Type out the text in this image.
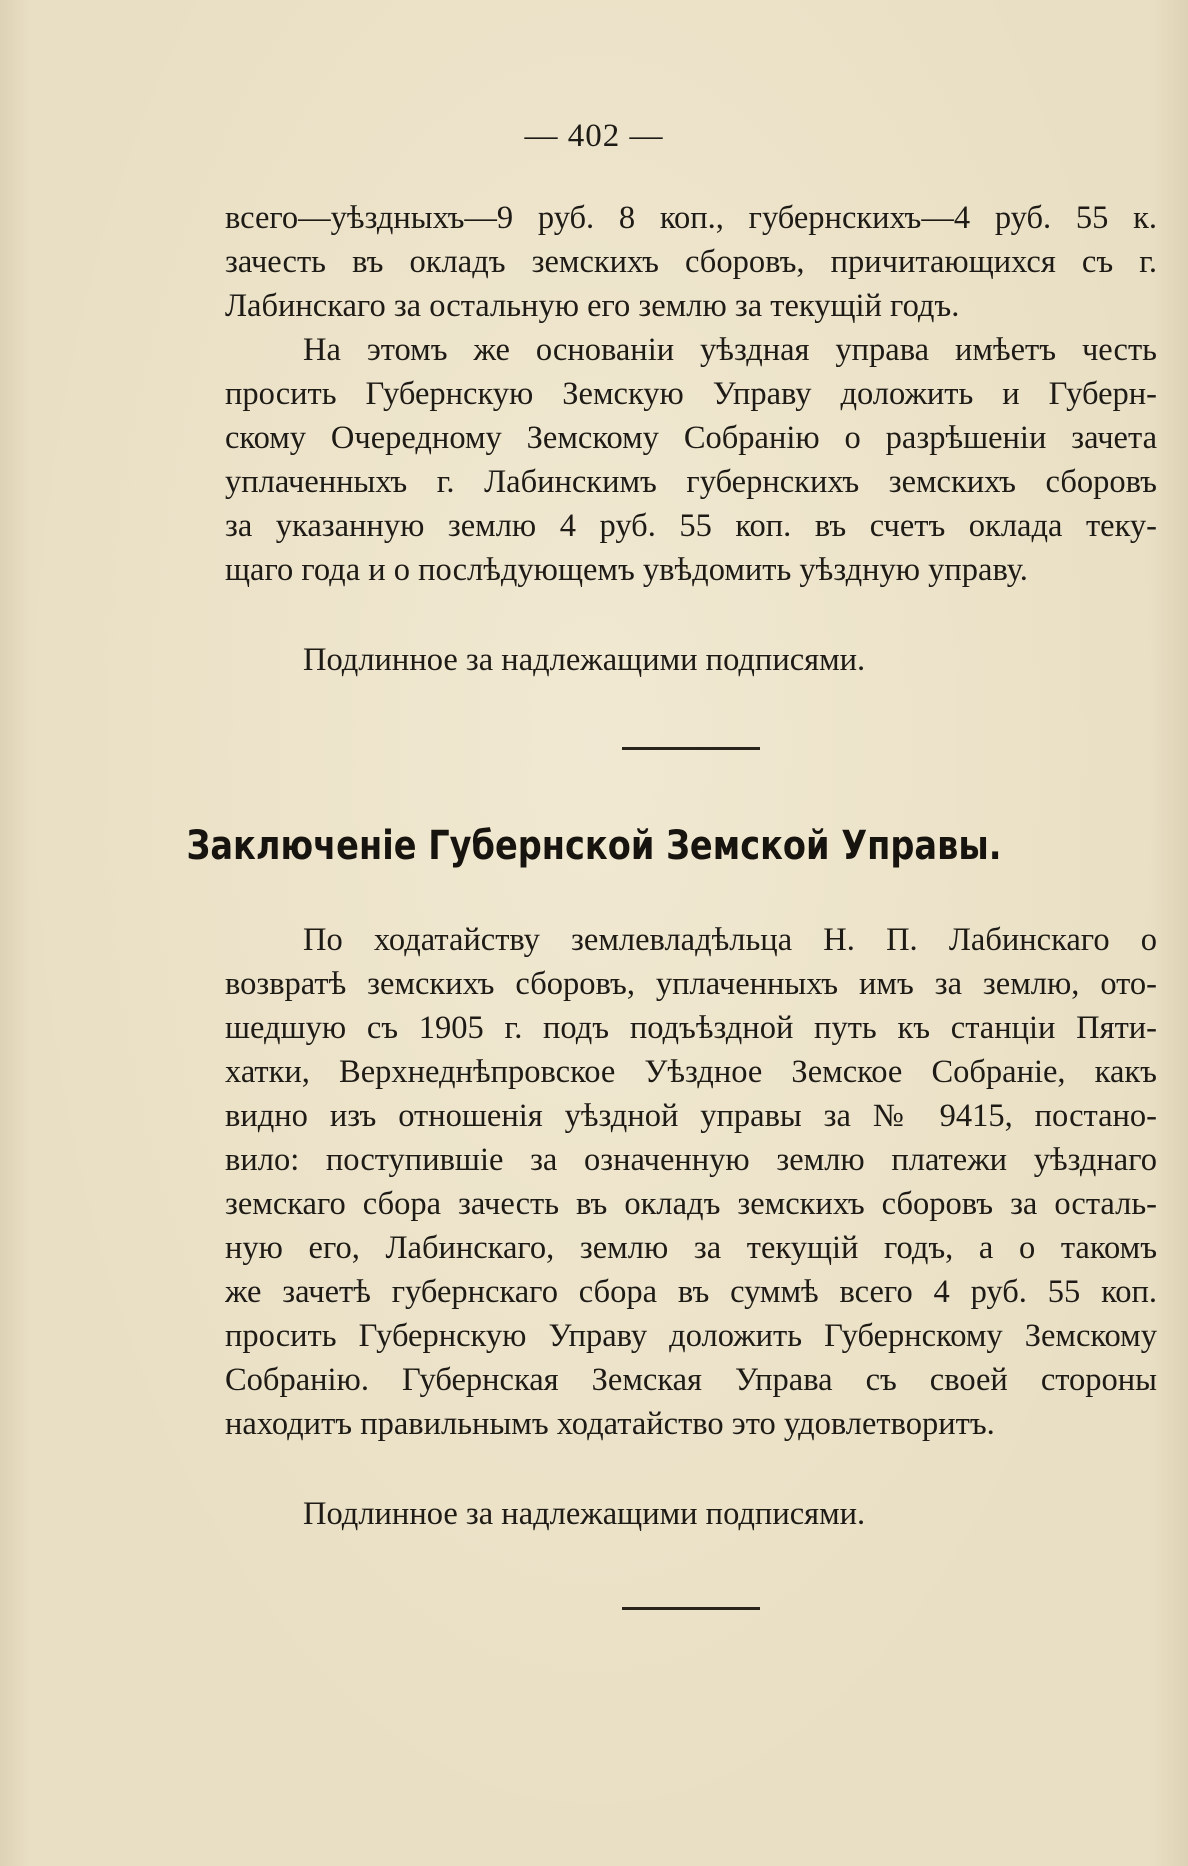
— 402 —
всего—уѣздныхъ—9 руб. 8 коп., губернскихъ—4 руб. 55 к.
зачесть въ окладъ земскихъ сборовъ, причитающихся съ г.
Лабинскаго за остальную его землю за текущій годъ.
На этомъ же основаніи уѣздная управа имѣетъ честь
просить Губернскую Земскую Управу доложить и Губерн-
скому Очередному Земскому Собранію о разрѣшеніи зачета
уплаченныхъ г. Лабинскимъ губернскихъ земскихъ сборовъ
за указанную землю 4 руб. 55 коп. въ счетъ оклада теку-
щаго года и о послѣдующемъ увѣдомить уѣздную управу.
Подлинное за надлежащими подписями.
Заключеніе Губернской Земской Управы.
По ходатайству землевладѣльца Н. П. Лабинскаго о
возвратѣ земскихъ сборовъ, уплаченныхъ имъ за землю, ото-
шедшую съ 1905 г. подъ подъѣздной путь къ станціи Пяти-
хатки, Верхнеднѣпровское Уѣздное Земское Собраніе, какъ
видно изъ отношенія уѣздной управы за № 9415, постано-
вило: поступившіе за означенную землю платежи уѣзднаго
земскаго сбора зачесть въ окладъ земскихъ сборовъ за осталь-
ную его, Лабинскаго, землю за текущій годъ, а о такомъ
же зачетѣ губернскаго сбора въ суммѣ всего 4 руб. 55 коп.
просить Губернскую Управу доложить Губернскому Земскому
Собранію. Губернская Земская Управа съ своей стороны
находитъ правильнымъ ходатайство это удовлетворитъ.
Подлинное за надлежащими подписями.
